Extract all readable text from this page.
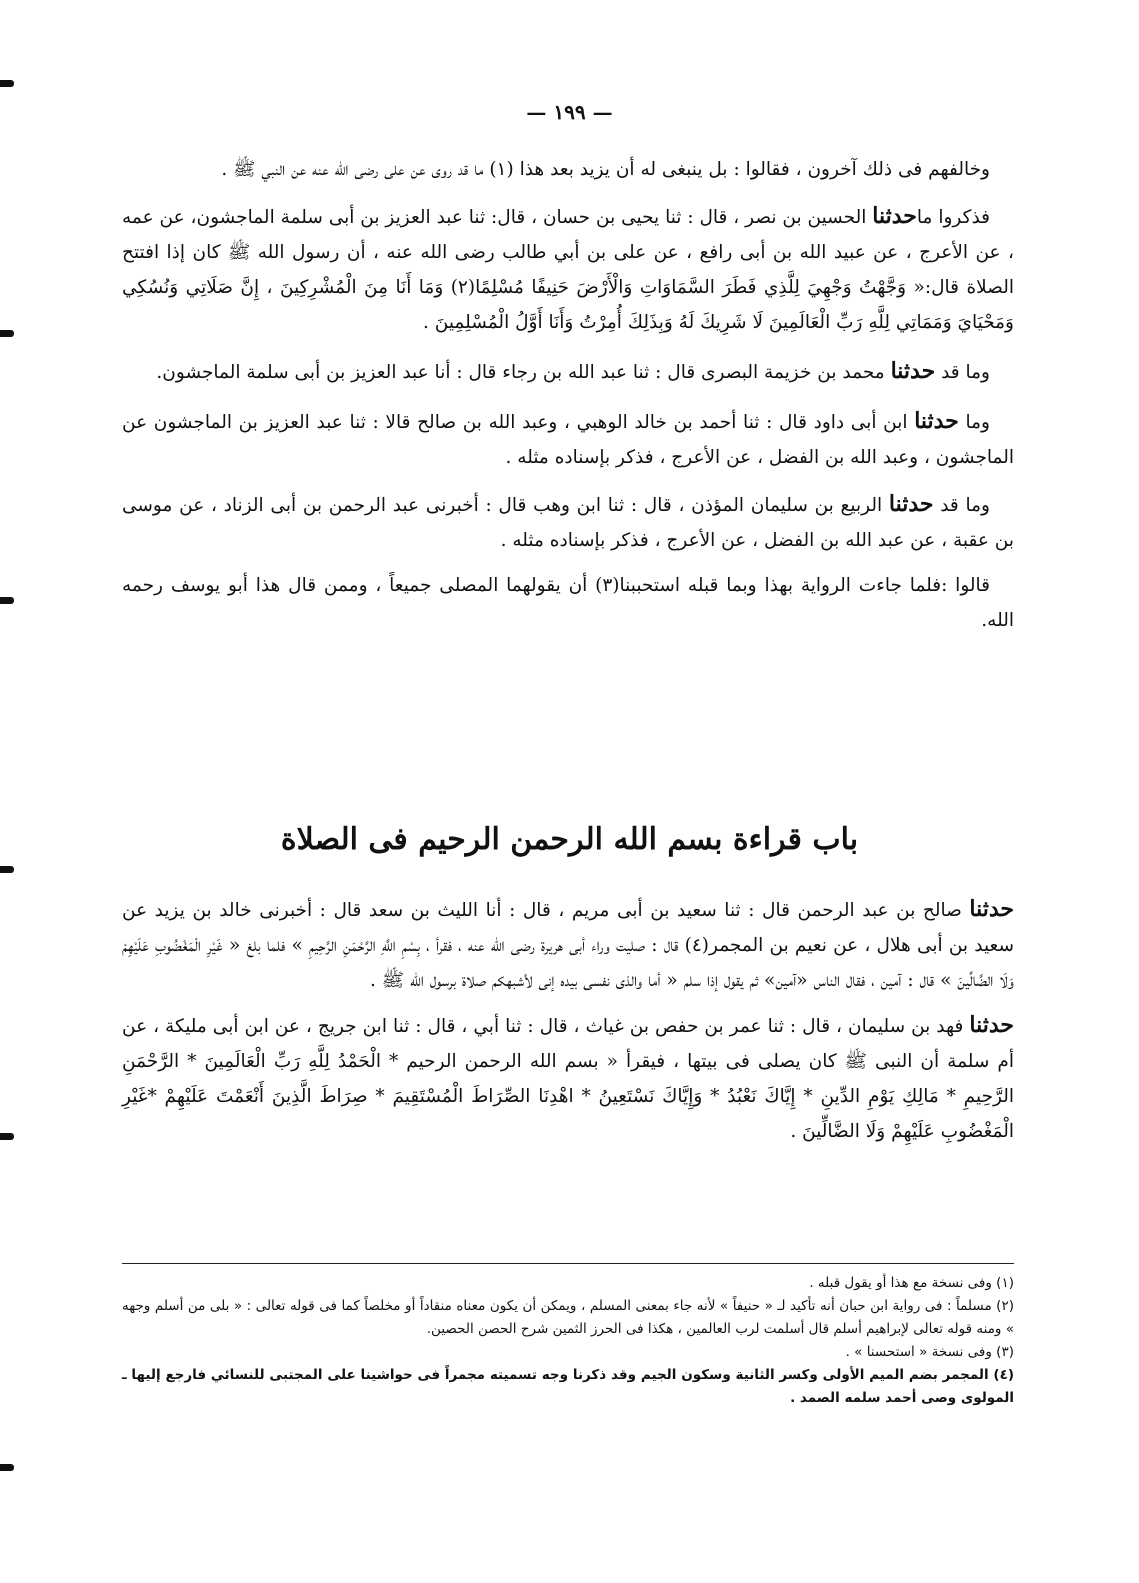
— ١٩٩ —

وخالفهم فى ذلك آخرون ، فقالوا : بل ينبغى له أن يزيد بعد هذا (١) ما قد روى عن على رضى الله عنه عن النبي ﷺ .

فذكروا ماحدثنا الحسين بن نصر ، قال : ثنا يحيى بن حسان ، قال: ثنا عبد العزيز بن أبى سلمة الماجشون، عن عمه ، عن الأعرج ، عن عبيد الله بن أبى رافع ، عن على بن أبي طالب رضى الله عنه ، أن رسول الله ﷺ كان إذا افتتح الصلاة قال:« وَجَّهْتُ وَجْهِيَ لِلَّذِي فَطَرَ السَّمَاوَاتِ وَالْأَرْضَ حَنِيفًا مُسْلِمًا(٢) وَمَا أَنَا مِنَ الْمُشْرِكِينَ ، إِنَّ صَلَاتِي وَنُسُكِي وَمَحْيَايَ وَمَمَاتِي لِلَّهِ رَبِّ الْعَالَمِينَ لَا شَرِيكَ لَهُ وَبِذَلِكَ أُمِرْتُ وَأَنَا أَوَّلُ الْمُسْلِمِينَ .

وما قد حدثنا محمد بن خزيمة البصرى قال : ثنا عبد الله بن رجاء قال : أنا عبد العزيز بن أبى سلمة الماجشون.

وما حدثنا ابن أبى داود قال : ثنا أحمد بن خالد الوهبي ، وعبد الله بن صالح قالا : ثنا عبد العزيز بن الماجشون عن الماجشون ، وعبد الله بن الفضل ، عن الأعرج ، فذكر بإسناده مثله .

وما قد حدثنا الربيع بن سليمان المؤذن ، قال : ثنا ابن وهب قال : أخبرنى عبد الرحمن بن أبى الزناد ، عن موسى بن عقبة ، عن عبد الله بن الفضل ، عن الأعرج ، فذكر بإسناده مثله .

قالوا :فلما جاءت الرواية بهذا وبما قبله استحببنا(٣) أن يقولهما المصلى جميعاً ، وممن قال هذا أبو يوسف رحمه الله.

باب قراءة بسم الله الرحمن الرحيم فى الصلاة

حدثنا صالح بن عبد الرحمن قال : ثنا سعيد بن أبى مريم ، قال : أنا الليث بن سعد قال : أخبرنى خالد بن يزيد عن سعيد بن أبى هلال ، عن نعيم بن المجمر(٤) قال : صليت وراء أبى هريرة رضى الله عنه ، فقرأ ، بِسْمِ اللَّهِ الرَّحْمَنِ الرَّحِيمِ » فلما بلغ « غَيْرِ الْمَغْضُوبِ عَلَيْهِمْ وَلَا الضَّالِّينَ » قال : آمين ، فقال الناس «آمين» ثم يقول إذا سلم « أما والذى نفسى بيده إنى لأشبهكم صلاة برسول الله ﷺ .

حدثنا فهد بن سليمان ، قال : ثنا عمر بن حفص بن غياث ، قال : ثنا أبي ، قال : ثنا ابن جريج ، عن ابن أبى مليكة ، عن أم سلمة أن النبى ﷺ كان يصلى فى بيتها ، فيقرأ « بسم الله الرحمن الرحيم * الْحَمْدُ لِلَّهِ رَبِّ الْعَالَمِينَ * الرَّحْمَنِ الرَّحِيمِ * مَالِكِ يَوْمِ الدِّينِ * إِيَّاكَ نَعْبُدُ * وَإِيَّاكَ نَسْتَعِينُ * اهْدِنَا الصِّرَاطَ الْمُسْتَقِيمَ * صِرَاطَ الَّذِينَ أَنْعَمْتَ عَلَيْهِمْ *غَيْرِ الْمَغْضُوبِ عَلَيْهِمْ وَلَا الضَّالِّينَ .

(١) وفى نسخة مع هذا أو يقول قبله .

(٢) مسلماً : فى رواية ابن حبان أنه تأكيد لـ « حنيفاً » لأنه جاء بمعنى المسلم ، ويمكن أن يكون معناه منقاداً أو مخلصاً كما فى قوله تعالى : « بلى من أسلم وجهه » ومنه قوله تعالى لإبراهيم أسلم قال أسلمت لرب العالمين ، هكذا فى الحرز الثمين شرح الحصن الحصين.

(٣) وفى نسخة « استحسنا » .

(٤) المجمر بضم الميم الأولى وكسر الثانية وسكون الجيم وقد ذكرنا وجه تسميته مجمراً فى حواشينا على المجتبى للنسائي فارجع إليها ـ المولوى وصى أحمد سلمه الصمد .
